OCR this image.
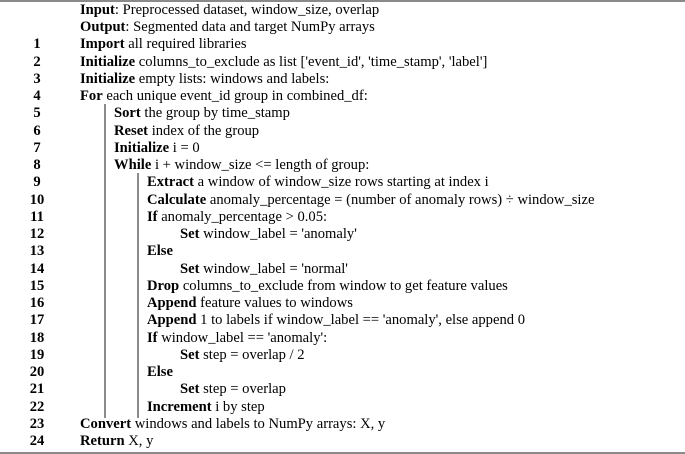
Input: Preprocessed dataset, window_size, overlap
Output: Segmented data and target NumPy arrays
1	Import all required libraries
2	Initialize columns_to_exclude as list ['event_id', 'time_stamp', 'label']
3	Initialize empty lists: windows and labels:
4	For each unique event_id group in combined_df:
5	Sort the group by time_stamp
6	Reset index of the group
7	Initialize i = 0
8	While i + window_size <= length of group:
9	Extract a window of window_size rows starting at index i
10	Calculate anomaly_percentage = (number of anomaly rows) ÷ window_size
11	If anomaly_percentage > 0.05:
12	Set window_label = 'anomaly'
13	Else
14	Set window_label = 'normal'
15	Drop columns_to_exclude from window to get feature values
16	Append feature values to windows
17	Append 1 to labels if window_label == 'anomaly', else append 0
18	If window_label == 'anomaly':
19	Set step = overlap / 2
20	Else
21	Set step = overlap
22	Increment i by step
23	Convert windows and labels to NumPy arrays: X, y
24	Return X, y
